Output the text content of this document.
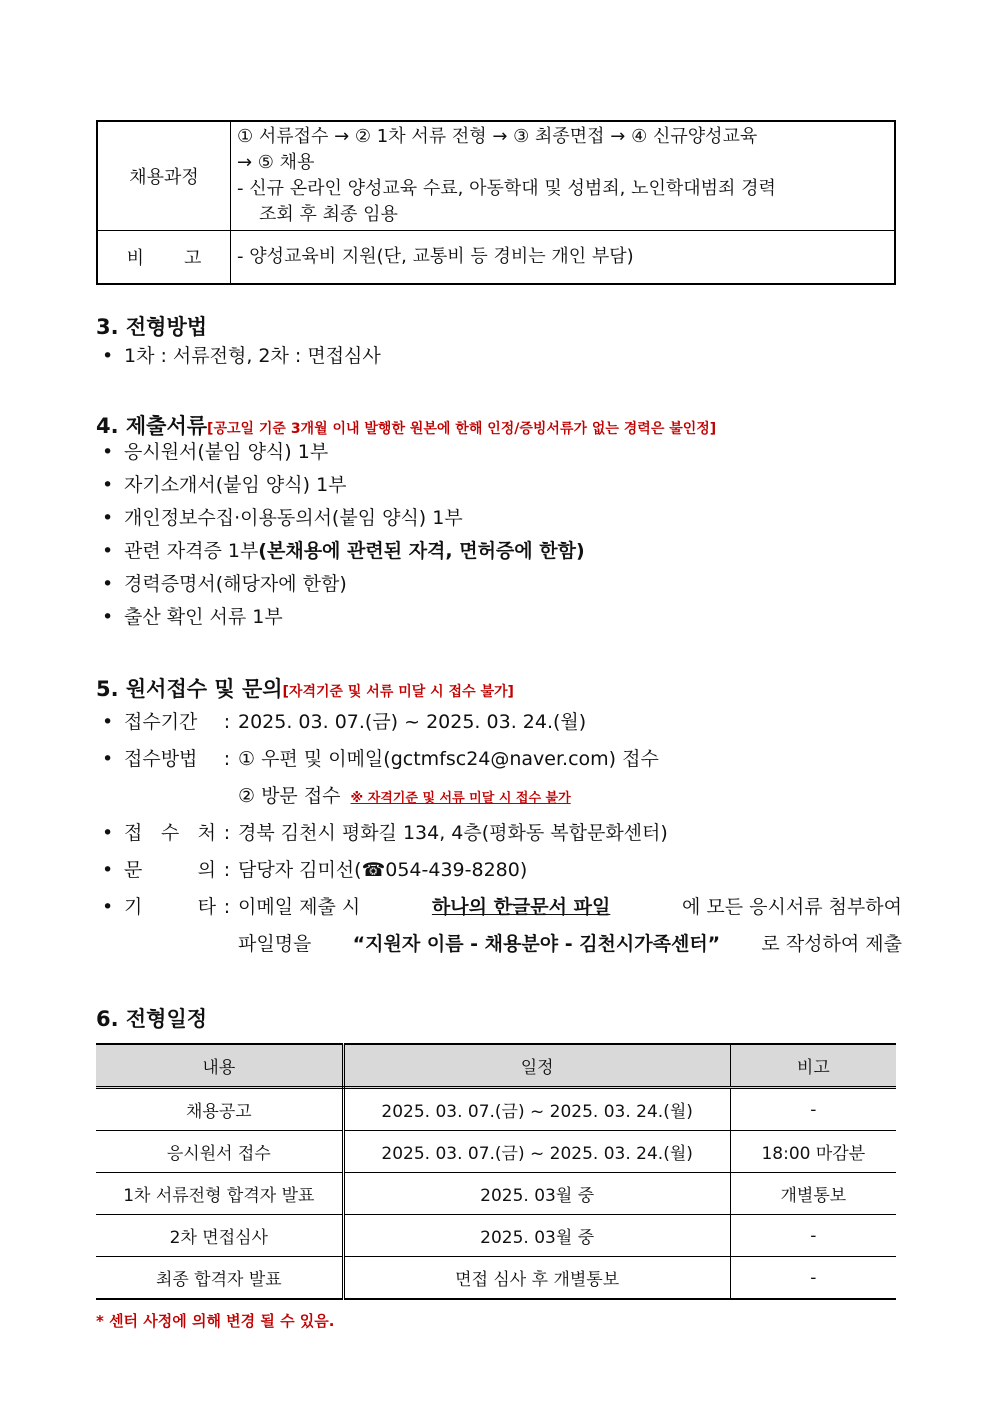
채용과정	① 서류접수 → ② 1차 서류 전형 → ③ 최종면접 → ④ 신규양성교육
→ ⑤ 채용
- 신규 온라인 양성교육 수료, 아동학대 및 성범죄, 노인학대범죄 경력
조회 후 최종 임용

비고	- 양성교육비 지원(단, 교통비 등 경비는 개인 부담)
3. 전형방법
• 1차 : 서류전형, 2차 : 면접심사
4. 제출서류[공고일 기준 3개월 이내 발행한 원본에 한해 인정/증빙서류가 없는 경력은 불인정]
• 응시원서(붙임 양식) 1부
• 자기소개서(붙임 양식) 1부
• 개인정보수집·이용동의서(붙임 양식) 1부
• 관련 자격증 1부(본채용에 관련된 자격, 면허증에 한함)
• 경력증명서(해당자에 한함)
• 출산 확인 서류 1부
5. 원서접수 및 문의[자격기준 및 서류 미달 시 접수 불가]
• 접수기간	: 2025. 03. 07.(금) ~ 2025. 03. 24.(월)
• 접수방법	: ① 우편 및 이메일(gctmfsc24@naver.com) 접수
② 방문 접수 ※ 자격기준 및 서류 미달 시 접수 불가
• 접 수 처 : 경북 김천시 평화길 134, 4층(평화동 복합문화센터)
• 문	의 : 담당자 김미선(☎054-439-8280)
• 기	타 : 이메일 제출 시	하나의 한글문서 파일	에 모든 응시서류 첨부하여
파일명을 “지원자 이름 - 채용분야 - 김천시가족센터” 로 작성하여 제출
6. 전형일정
내용	일정	비고
채용공고	2025. 03. 07.(금) ~ 2025. 03. 24.(월)	-
응시원서 접수	2025. 03. 07.(금) ~ 2025. 03. 24.(월)	18:00 마감분
1차 서류전형 합격자 발표	2025. 03월 중	개별통보
2차 면접심사	2025. 03월 중	-
최종 합격자 발표	면접 심사 후 개별통보	-
* 센터 사정에 의해 변경 될 수 있음.
